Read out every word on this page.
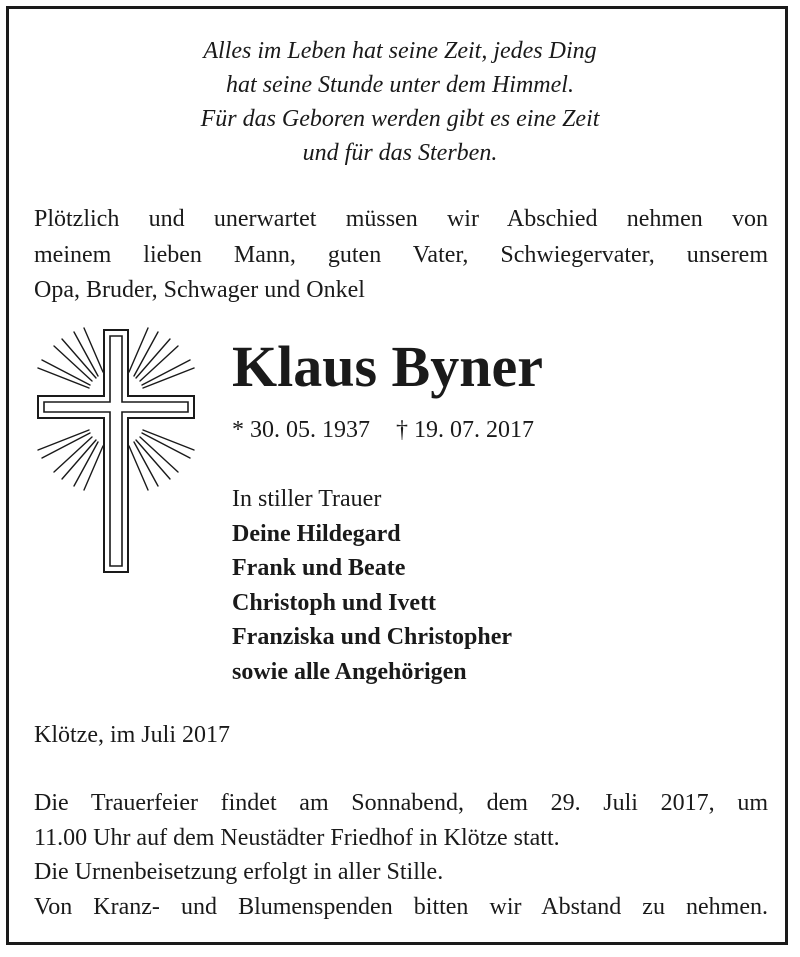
Alles im Leben hat seine Zeit, jedes Ding
hat seine Stunde unter dem Himmel.
Für das Geboren werden gibt es eine Zeit
und für das Sterben.
Plötzlich und unerwartet müssen wir Abschied nehmen von
meinem lieben Mann, guten Vater, Schwiegervater, unserem
Opa, Bruder, Schwager und Onkel
Klaus Byner
* 30. 05. 1937 † 19. 07. 2017
In stiller Trauer
Deine Hildegard
Frank und Beate
Christoph und Ivett
Franziska und Christopher
sowie alle Angehörigen
Klötze, im Juli 2017
Die Trauerfeier findet am Sonnabend, dem 29. Juli 2017, um
11.00 Uhr auf dem Neustädter Friedhof in Klötze statt.
Die Urnenbeisetzung erfolgt in aller Stille.
Von Kranz- und Blumenspenden bitten wir Abstand zu nehmen.
